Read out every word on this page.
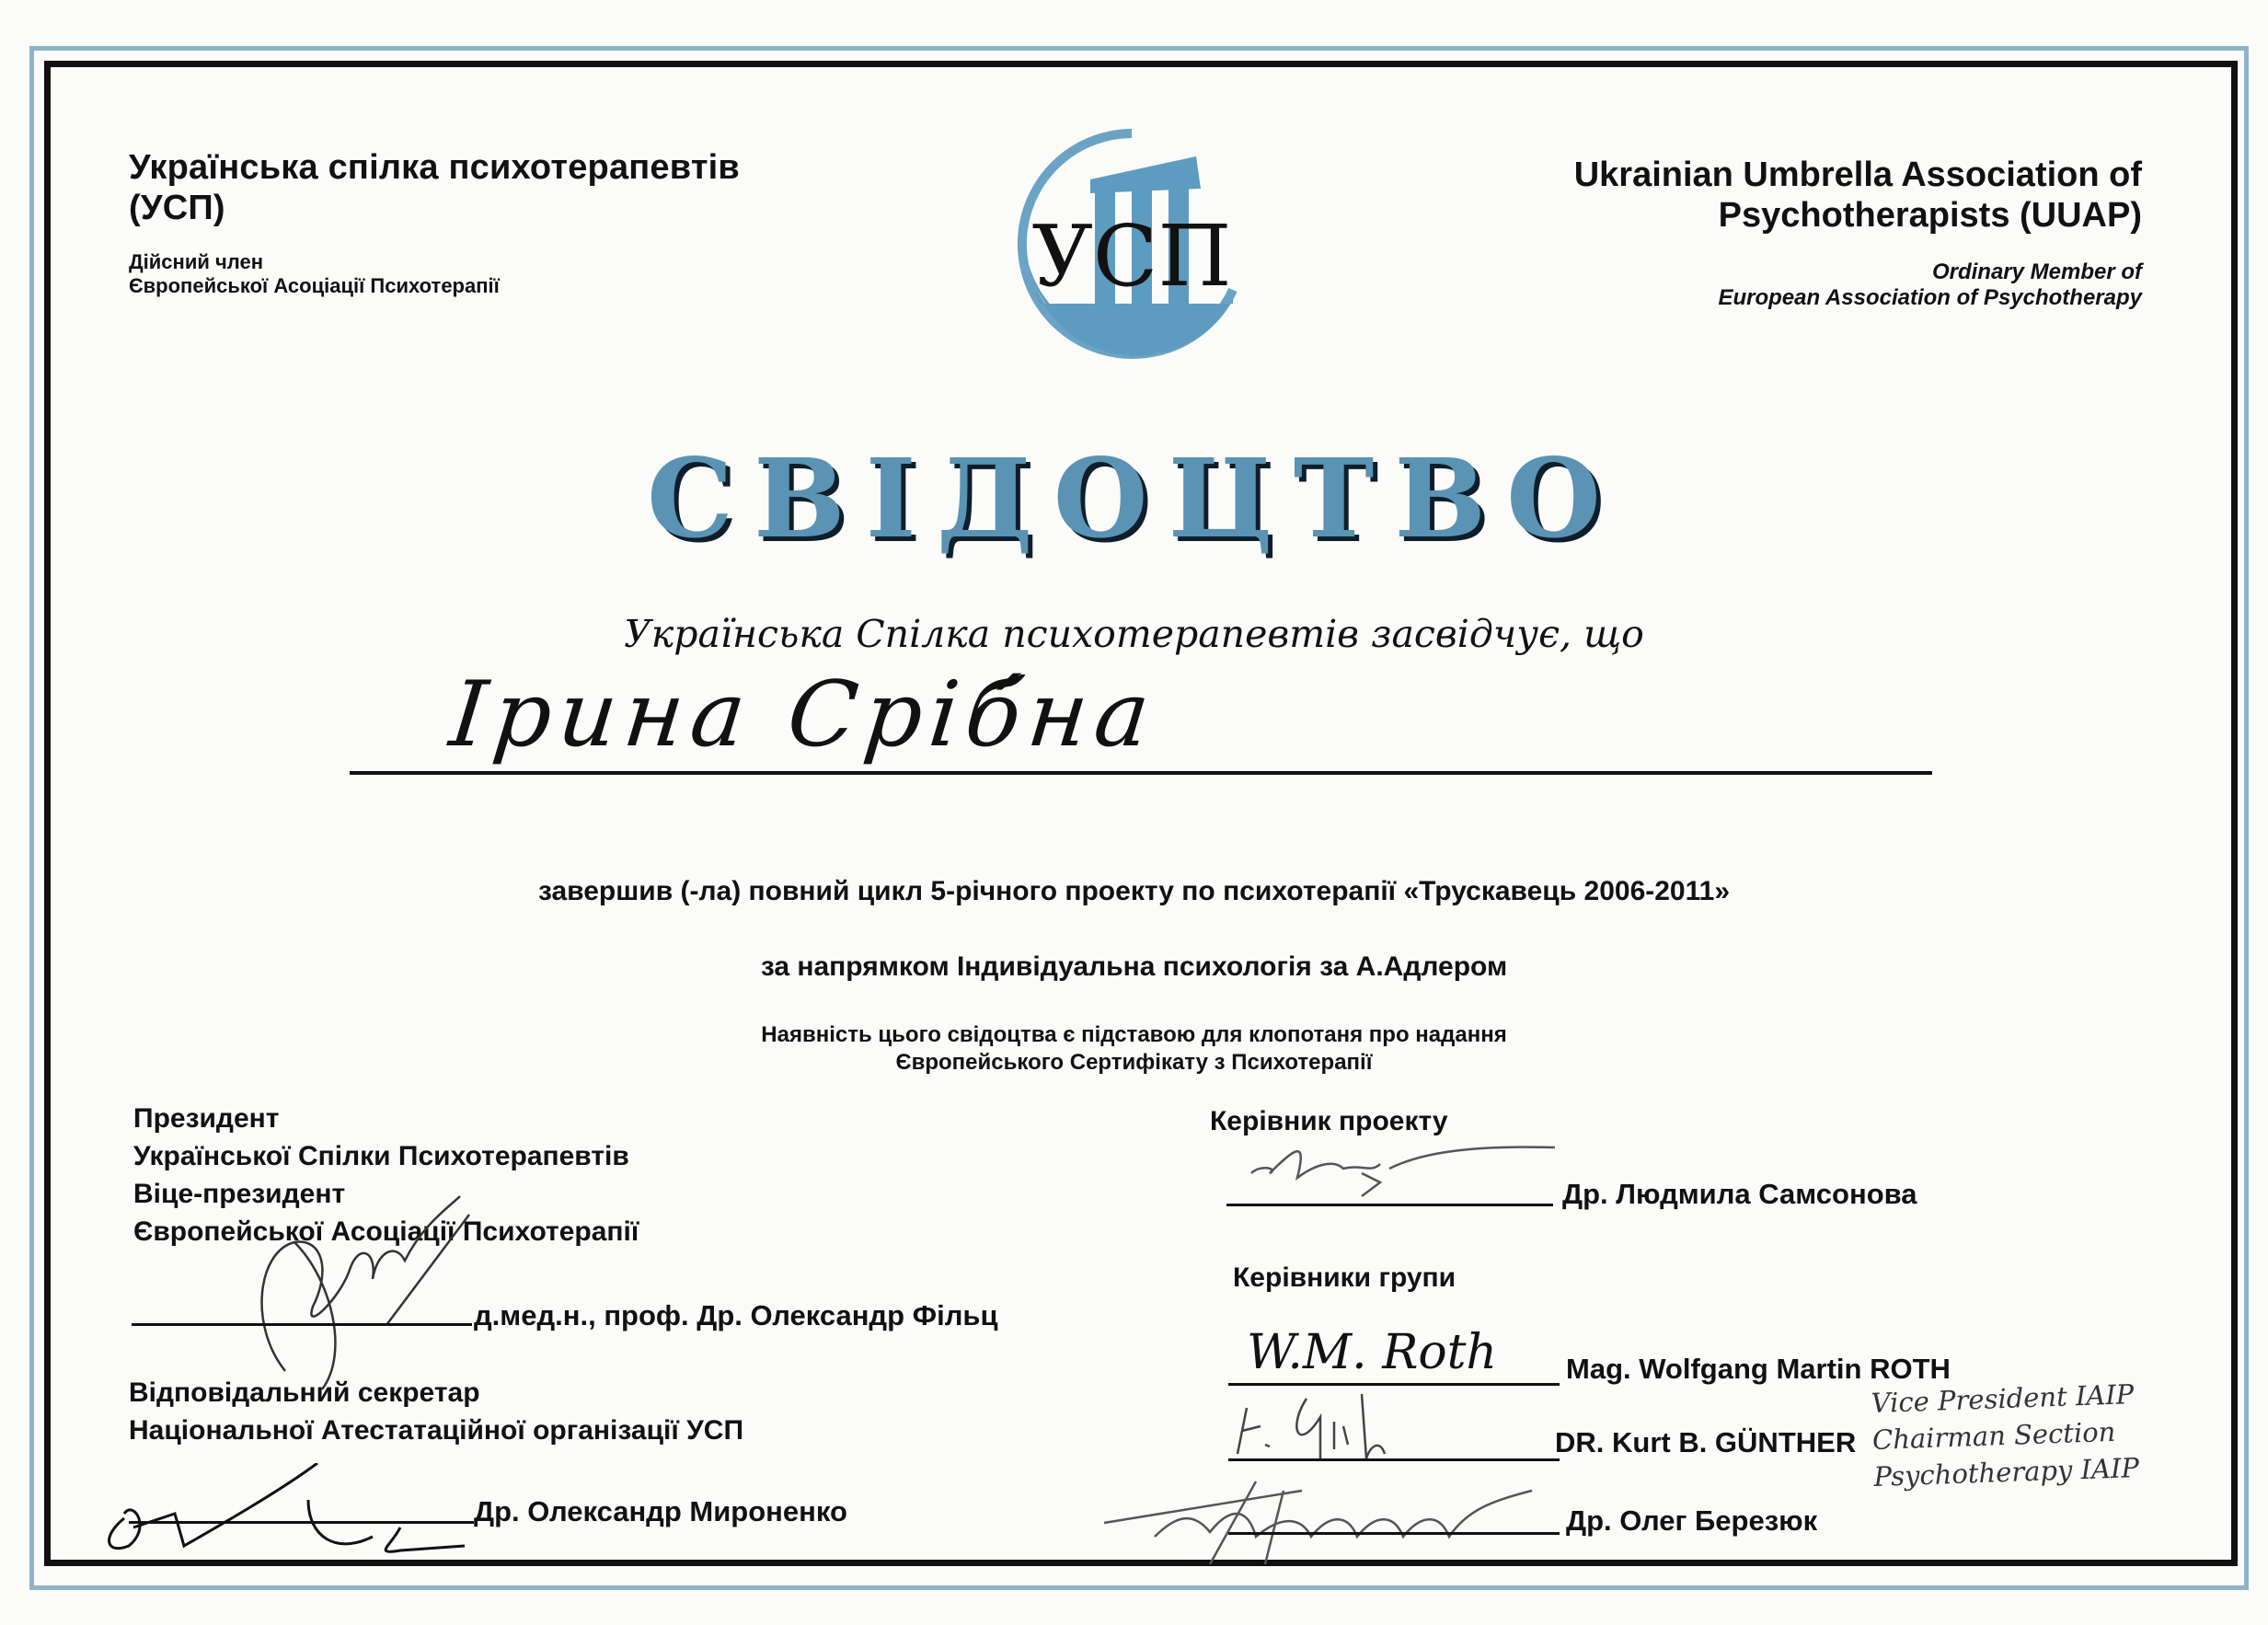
Українська спілка психотерапевтів
(УСП)
Дійсний член
Європейської Асоціації Психотерапії	УСП
Ukrainian Umbrella Association of
Psychotherapists (UUAP)
Ordinary Member of
European Association of Psychotherapy
СВІДОЦТВО
Українська Спілка психотерапевтів засвідчує, що
Ірина Сріб́на
завершив (-ла) повний цикл 5-річного проекту по психотерапії «Трускавець 2006-2011»
за напрямком Індивідуальна психологія за А.Адлером
Наявність цього свідоцтва є підставою для клопотаня про надання
Європейського Сертифікату з Психотерапії
Президент
Української Спілки Психотерапевтів
Віце-президент
Європейської Асоціації Психотерапії
д.мед.н., проф. Др. Олександр Фільц
Відповідальний секретар
Національної Атестатаційної організації УСП
Др. Олександр Мироненко
Керівник проекту
Др. Людмила Самсонова
Керівники групи
W.M. Roth Mag. Wolfgang Martin ROTH
DR. Kurt B. GÜNTHER
Др. Олег Березюк
Vice President IAIP
Chairman Section
Psychotherapy IAIP
